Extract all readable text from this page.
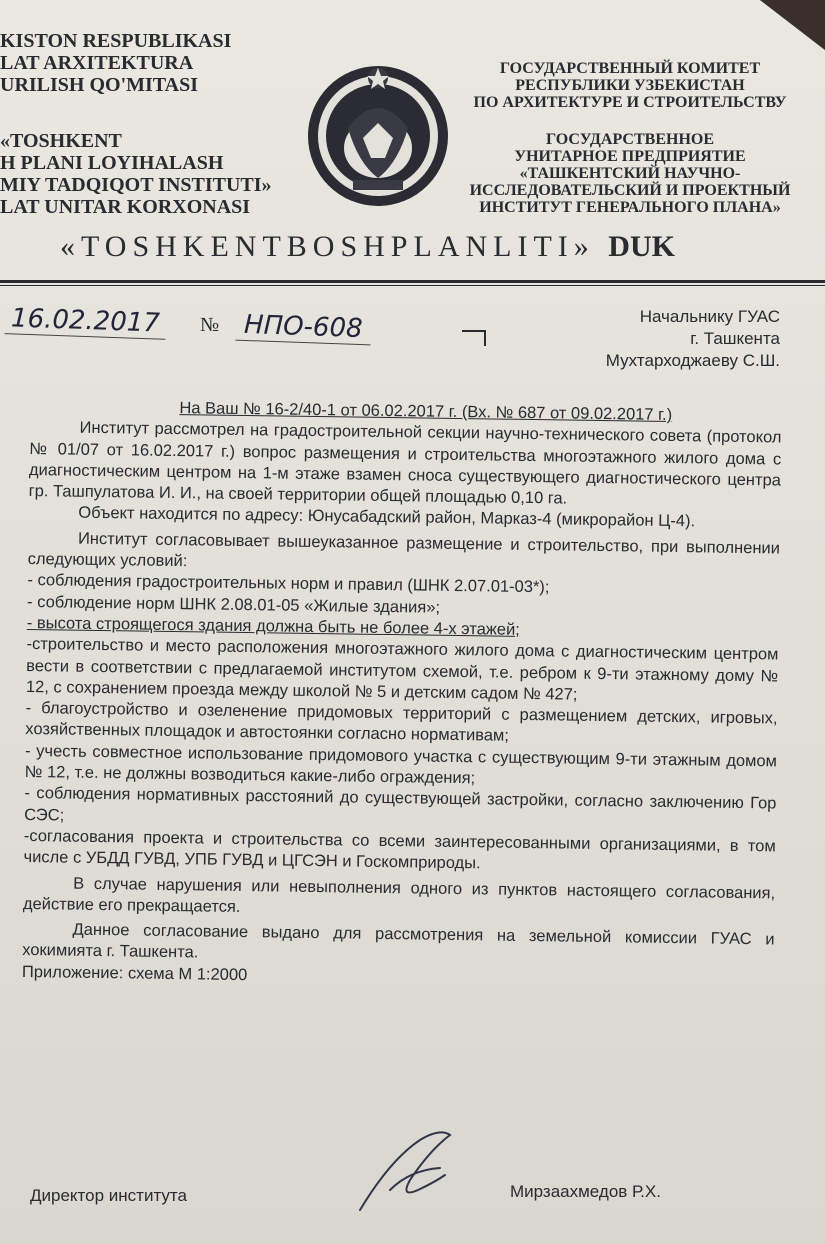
KISTON RESPUBLIKASI
LAT ARXITEKTURA
URILISH QO'MITASI
«TOSHKENT
H PLANI LOYIHALASH
MIY TADQIQOT INSTITUTI»
LAT UNITAR KORXONASI
ГОСУДАРСТВЕННЫЙ КОМИТЕТ
РЕСПУБЛИКИ УЗБЕКИСТАН
ПО АРХИТЕКТУРЕ И СТРОИТЕЛЬСТВУ
ГОСУДАРСТВЕННОЕ
УНИТАРНОЕ ПРЕДПРИЯТИЕ
«ТАШКЕНТСКИЙ НАУЧНО-
ИССЛЕДОВАТЕЛЬСКИЙ И ПРОЕКТНЫЙ
ИНСТИТУТ ГЕНЕРАЛЬНОГО ПЛАНА»
«TOSHKENTBOSHPLANLITI» DUK
16.02.2017 № НПО-608	Начальнику ГУАС
г. Ташкента
Мухтарходжаеву С.Ш.

На Ваш № 16-2/40-1 от 06.02.2017 г. (Вх. № 687 от 09.02.2017 г.)

Институт рассмотрел на градостроительной секции научно-технического совета (протокол № 01/07 от 16.02.2017 г.) вопрос размещения и строительства многоэтажного жилого дома с диагностическим центром на 1-м этаже взамен сноса существующего диагностического центра гр. Ташпулатова И. И., на своей территории общей площадью 0,10 га.

Объект находится по адресу: Юнусабадский район, Марказ-4 (микрорайон Ц-4).

Институт согласовывает вышеуказанное размещение и строительство, при выполнении следующих условий:

- соблюдения градостроительных норм и правил (ШНК 2.07.01-03*);

- соблюдение норм ШНК 2.08.01-05 «Жилые здания»;

- высота строящегося здания должна быть не более 4-х этажей;

-строительство и место расположения многоэтажного жилого дома с диагностическим центром вести в соответствии с предлагаемой институтом схемой, т.е. ребром к 9-ти этажному дому № 12, с сохранением проезда между школой № 5 и детским садом № 427;

- благоустройство и озеленение придомовых территорий с размещением детских, игровых, хозяйственных площадок и автостоянки согласно нормативам;

- учесть совместное использование придомового участка с существующим 9-ти этажным домом № 12, т.е. не должны возводиться какие-либо ограждения;

- соблюдения нормативных расстояний до существующей застройки, согласно заключению Гор СЭС;

-согласования проекта и строительства со всеми заинтересованными организациями, в том числе с УБДД ГУВД, УПБ ГУВД и ЦГСЭН и Госкомприроды.

В случае нарушения или невыполнения одного из пунктов настоящего согласования, действие его прекращается.

Данное согласование выдано для рассмотрения на земельной комиссии ГУАС и хокимията г. Ташкента.

Приложение: схема М 1:2000

Директор института	Мирзаахмедов Р.Х.
